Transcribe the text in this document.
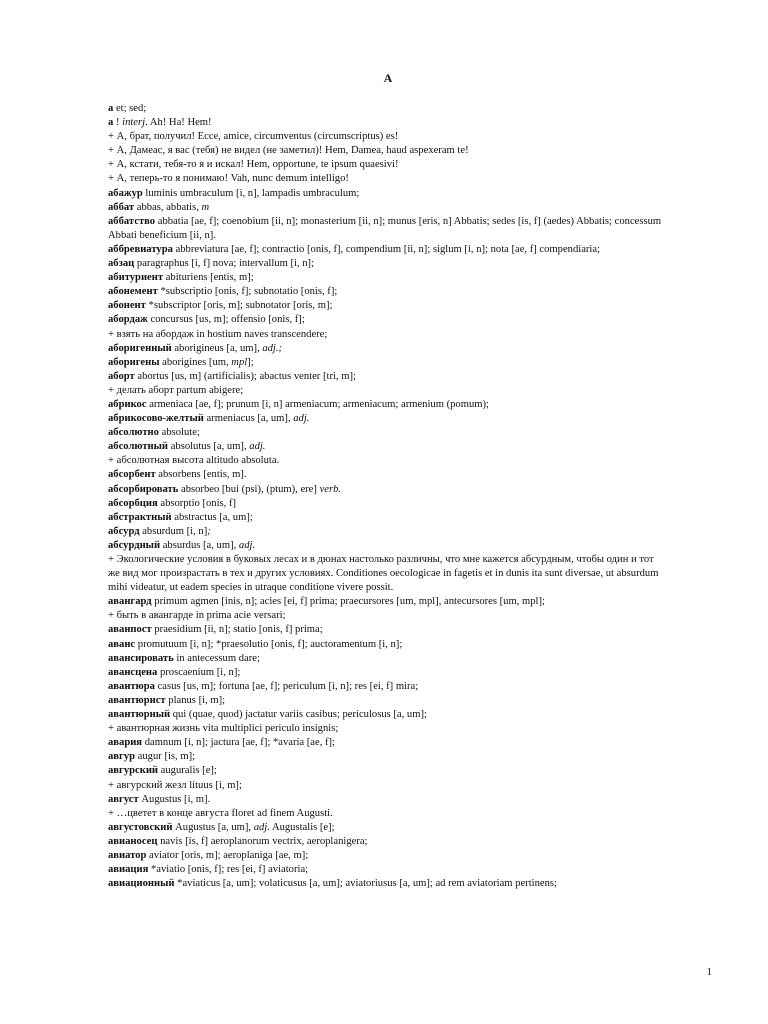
A
а et; sed;
а ! interj. Ah! Ha! Hem!
+ А, брат, получил! Ecce, amice, circumventus (circumscriptus) es!
+ А, Дамеас, я вас (тебя) не видел (не заметил)! Hem, Damea, haud aspexeram te!
+ А, кстати, тебя-то я и искал! Hem, opportune, te ipsum quaesivi!
+ А, теперь-то я понимаю! Vah, nunc demum intelligo!
абажур luminis umbraculum [i, n], lampadis umbraculum;
аббат abbas, abbatis, m
аббатство abbatia [ae, f]; coenobium [ii, n]; monasterium [ii, n]; munus [eris, n] Abbatis; sedes [is, f] (aedes) Abbatis; concessum Abbati beneficium [ii, n].
аббревиатура abbreviatura [ae, f]; contractio [onis, f], compendium [ii, n]; siglum [i, n]; nota [ae, f] compendiaria;
абзац paragraphus [i, f] nova; intervallum [i, n];
абитуриент abituriens [entis, m];
абонемент *subscriptio [onis, f]; subnotatio [onis, f];
абонент *subscriptor [oris, m]; subnotator [oris, m];
абордаж concursus [us, m]; offensio [onis, f];
+ взять на абордаж in hostium naves transcendere;
аборигенный aborigineus [a, um], adj.;
аборигены aborigines [um, mpl];
аборт abortus [us, m] (artificialis); abactus venter [tri, m];
+ делать аборт partum abigere;
абрикос armeniaca [ae, f]; prunum [i, n] armeniacum; armeniacum; armenium (pomum);
абрикосово-желтый armeniacus [a, um], adj.
абсолютно absolute;
абсолютный absolutus [a, um], adj.
+ абсолютная высота altitudo absoluta.
абсорбент absorbens [entis, m].
абсорбировать absorbeo [bui (psi), (ptum), ere] verb.
абсорбция absorptio [onis, f]
абстрактный abstractus [a, um];
абсурд absurdum [i, n];
абсурдный absurdus [a, um], adj.
+ Экологические условия в буковых лесах и в дюнах настолько различны, что мне кажется абсурдным, чтобы один и тот же вид мог произрастать в тех и других условиях. Conditiones oecologicae in fagetis et in dunis ita sunt diversae, ut absurdum mihi videatur, ut eadem species in utraque conditione vivere possit.
авангард primum agmen [inis, n]; acies [ei, f] prima; praecursores [um, mpl], antecursores [um, mpl];
+ быть в авангарде in prima acie versari;
аванпост praesidium [ii, n]; statio [onis, f] prima;
аванс promutuum [i, n]; *praesolutio [onis, f]; auctoramentum [i, n];
авансировать in antecessum dare;
авансцена proscaenium [i, n];
авантюра casus [us, m]; fortuna [ae, f]; periculum [i, n]; res [ei, f] mira;
авантюрист planus [i, m];
авантюрный qui (quae, quod) jactatur variis casibus; periculosus [a, um];
+ авантюрная жизнь vita multiplici periculo insignis;
авария damnum [i, n]; jactura [ae, f]; *avaria [ae, f];
авгур augur [is, m];
авгурский auguralis [e];
+ авгурский жезл lituus [i, m];
август Augustus [i, m].
+ …цветет в конце августа floret ad finem Augusti.
августовский Augustus [a, um], adj. Augustalis [e];
авианосец navis [is, f] aeroplanorum vectrix, aeroplanigera;
авиатор aviator [oris, m]; aeroplaniga [ae, m];
авиация *aviatio [onis, f]; res [ei, f] aviatoria;
авиационный *aviaticus [a, um]; volaticusus [a, um]; aviatoriusus [a, um]; ad rem aviatoriam pertinens;
1
